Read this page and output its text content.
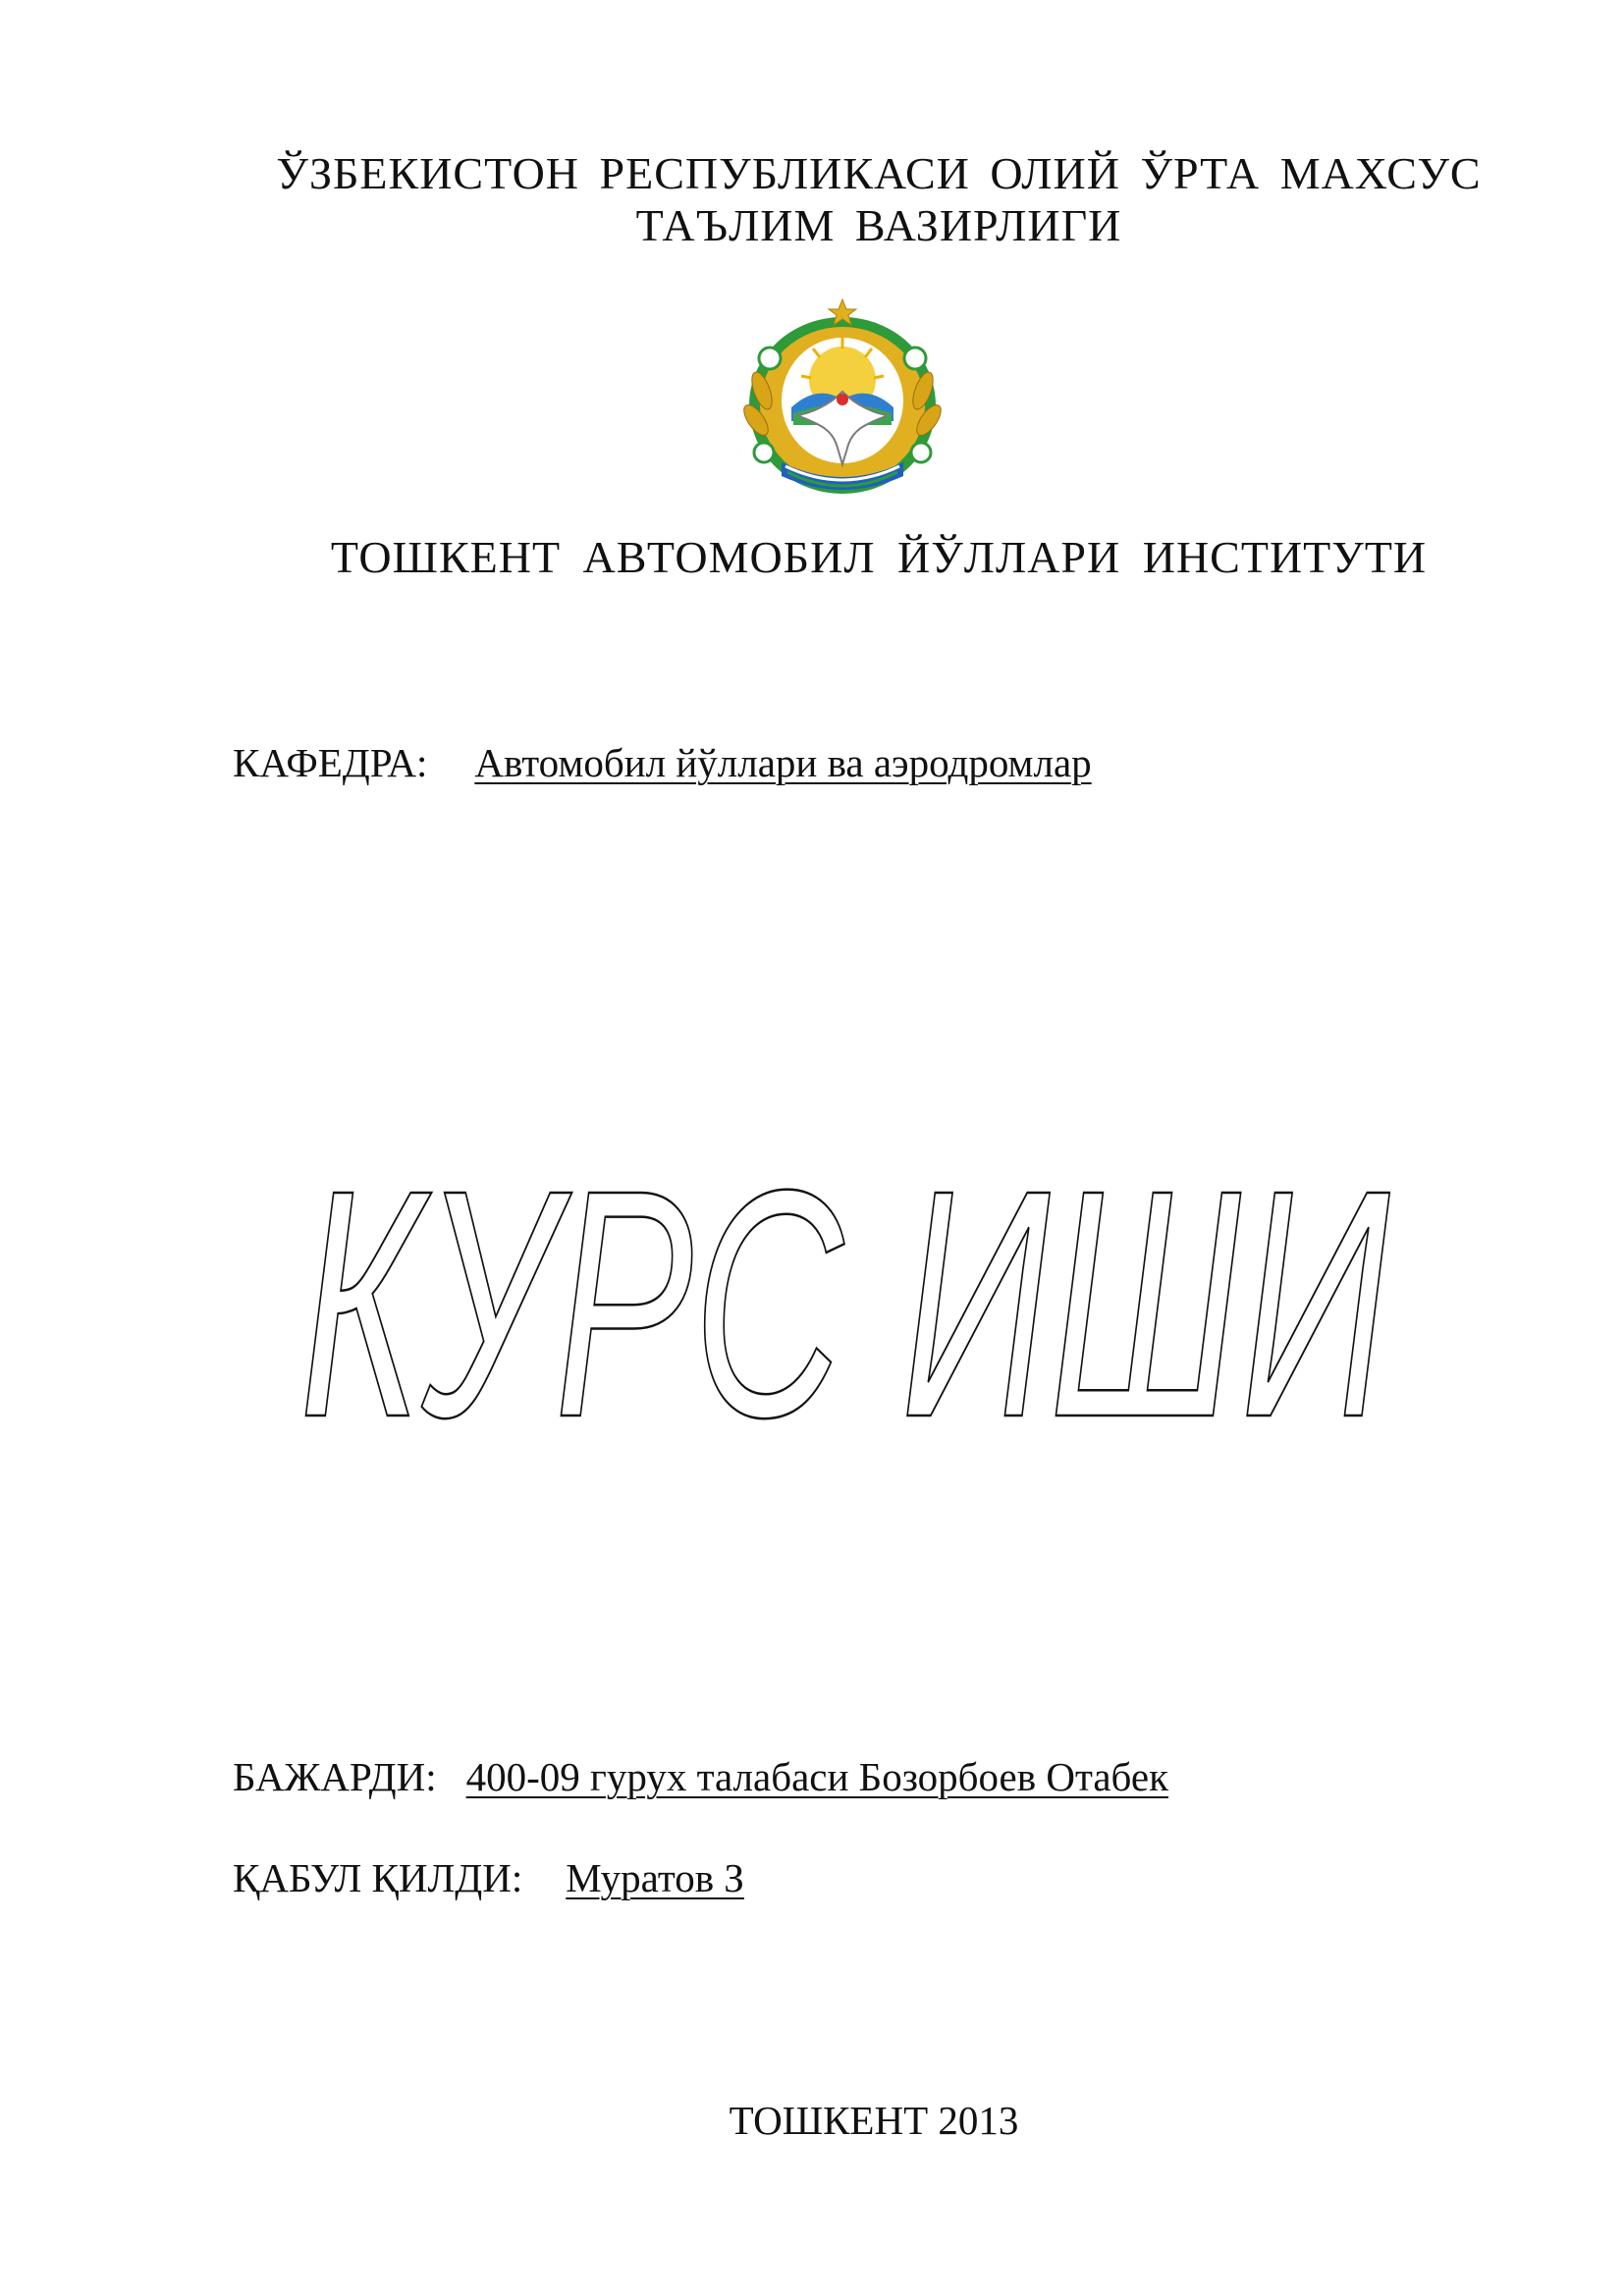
ЎЗБЕКИСТОН РЕСПУБЛИКАСИ ОЛИЙ ЎРТА МАХСУС
ТАЪЛИМ ВАЗИРЛИГИ
ТОШКЕНТ АВТОМОБИЛ ЙЎЛЛАРИ ИНСТИТУТИ
КАФЕДРА: Автомобил йўллари ва аэродромлар
КУРС ИШИ
БАЖАРДИ: 400-09 гурух талабаси Бозорбоев Отабек
ҚАБУЛ ҚИЛДИ: Муратов З
ТОШКЕНТ 2013
